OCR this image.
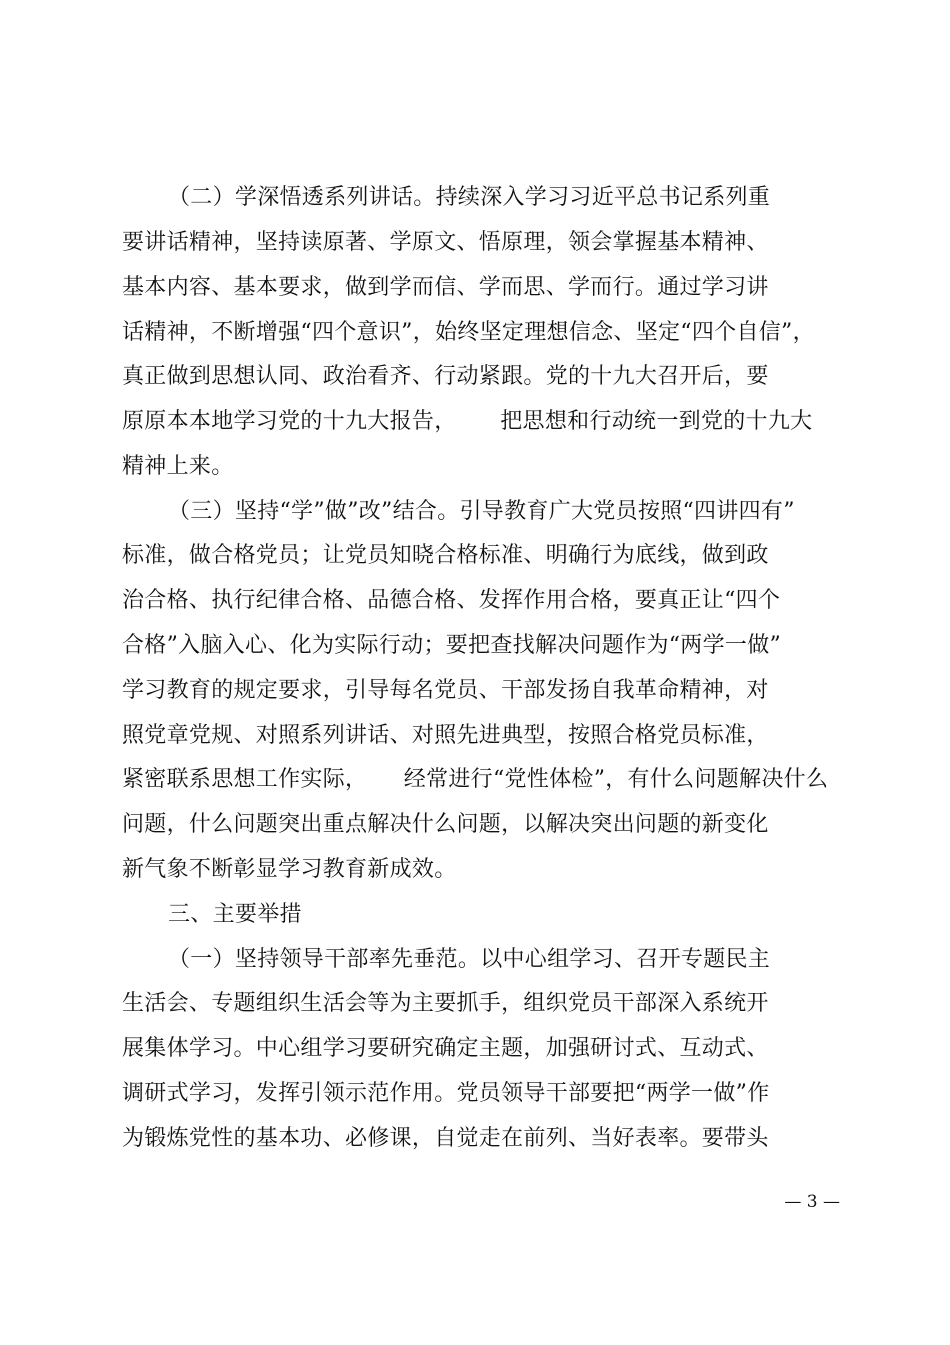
（二）学深悟透系列讲话。持续深入学习习近平总书记系列重
要讲话精神，坚持读原著、学原文、悟原理，领会掌握基本精神、
基本内容、基本要求，做到学而信、学而思、学而行。通过学习讲
话精神，不断增强“四个意识”，始终坚定理想信念、坚定“四个自信”，
真正做到思想认同、政治看齐、行动紧跟。党的十九大召开后，要
原原本本地学习党的十九大报告，      把思想和行动统一到党的十九大
精神上来。
（三）坚持“学”做”改”结合。引导教育广大党员按照“四讲四有”
标准，做合格党员；让党员知晓合格标准、明确行为底线，做到政
治合格、执行纪律合格、品德合格、发挥作用合格，要真正让“四个
合格”入脑入心、化为实际行动；要把查找解决问题作为“两学一做”
学习教育的规定要求，引导每名党员、干部发扬自我革命精神，对
照党章党规、对照系列讲话、对照先进典型，按照合格党员标准，
紧密联系思想工作实际，     经常进行“党性体检”，有什么问题解决什么
问题，什么问题突出重点解决什么问题，以解决突出问题的新变化
新气象不断彰显学习教育新成效。
三、主要举措
（一）坚持领导干部率先垂范。以中心组学习、召开专题民主
生活会、专题组织生活会等为主要抓手，组织党员干部深入系统开
展集体学习。中心组学习要研究确定主题，加强研讨式、互动式、
调研式学习，发挥引领示范作用。党员领导干部要把“两学一做”作
为锻炼党性的基本功、必修课，自觉走在前列、当好表率。要带头
— 3 —
